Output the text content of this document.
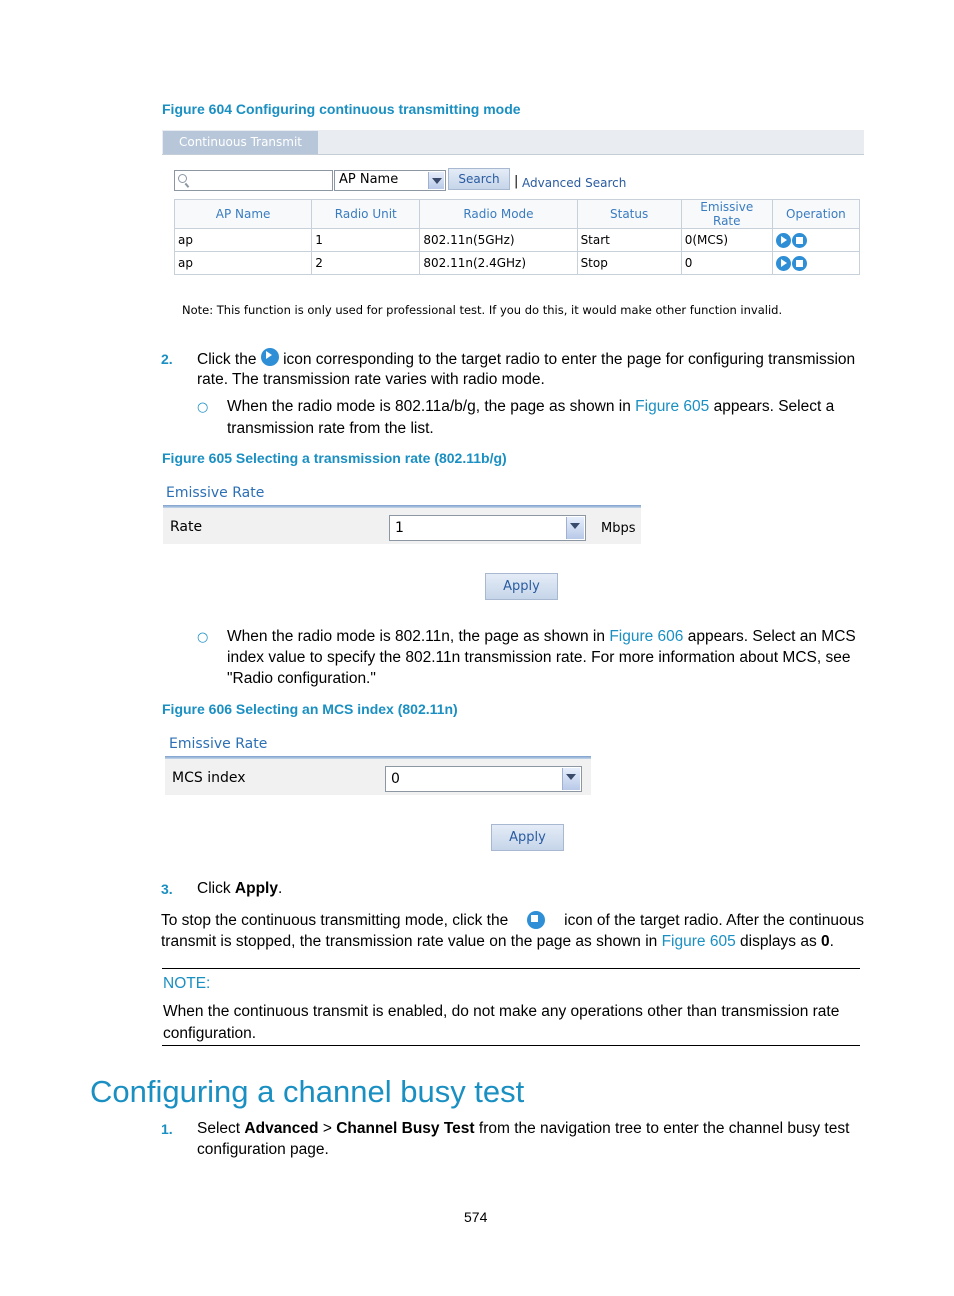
Figure 604 Configuring continuous transmitting mode
Continuous Transmit
AP Name	Search	| Advanced Search
AP Name	Radio Unit	Radio Mode	Status	Emissive Rate	Operation
ap	1	802.11n(5GHz)	Start	0(MCS)	
ap	2	802.11n(2.4GHz)	Stop	0	
Note: This function is only used for professional test. If you do this, it would make other function invalid.
2. Click the icon corresponding to the target radio to enter the page for configuring transmission
rate. The transmission rate varies with radio mode.
○ When the radio mode is 802.11a/b/g, the page as shown in Figure 605 appears. Select a
transmission rate from the list.
Figure 605 Selecting a transmission rate (802.11b/g)
Emissive Rate
Rate	1	Mbps
Apply
○ When the radio mode is 802.11n, the page as shown in Figure 606 appears. Select an MCS
index value to specify the 802.11n transmission rate. For more information about MCS, see
"Radio configuration."
Figure 606 Selecting an MCS index (802.11n)
Emissive Rate
MCS index	0
Apply
3. Click Apply.
To stop the continuous transmitting mode, click the	icon of the target radio. After the continuous
transmit is stopped, the transmission rate value on the page as shown in Figure 605 displays as 0.
NOTE:
When the continuous transmit is enabled, do not make any operations other than transmission rate
configuration.
Configuring a channel busy test
1. Select Advanced > Channel Busy Test from the navigation tree to enter the channel busy test
configuration page.
574
